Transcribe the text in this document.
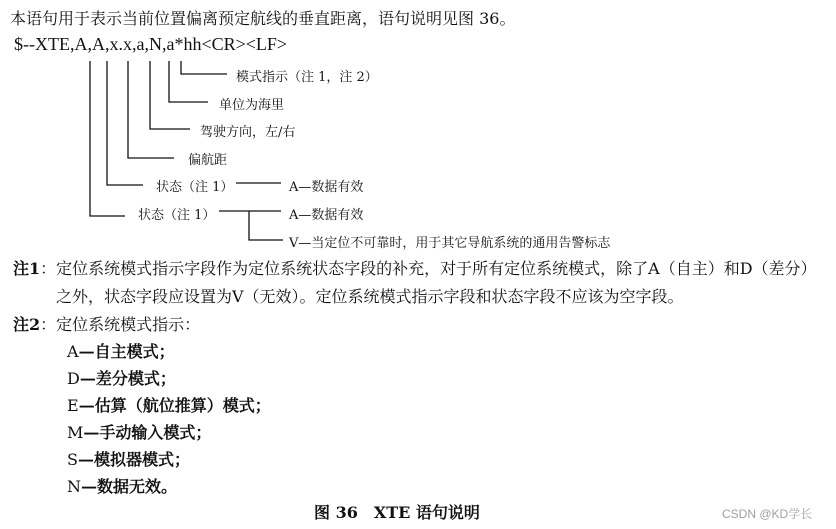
本语句用于表示当前位置偏离预定航线的垂直距离，语句说明见图 36。
$--XTE,A,A,x.x,a,N,a*hh<CR><LF>
模式指示（注 1，注 2）
单位为海里
驾驶方向，左/右
偏航距
状态（注 1）	A—数据有效
状态（注 1）	A—数据有效
V—当定位不可靠时，用于其它导航系统的通用告警标志
注1：定位系统模式指示字段作为定位系统状态字段的补充，对于所有定位系统模式，除了A（自主）和D（差分）
之外，状态字段应设置为V（无效）。定位系统模式指示字段和状态字段不应该为空字段。
注2：定位系统模式指示：
A—自主模式；
D—差分模式；
E—估算（航位推算）模式；
M—手动输入模式；
S—模拟器模式；
N—数据无效。
图 36　XTE 语句说明	CSDN @KD学长
